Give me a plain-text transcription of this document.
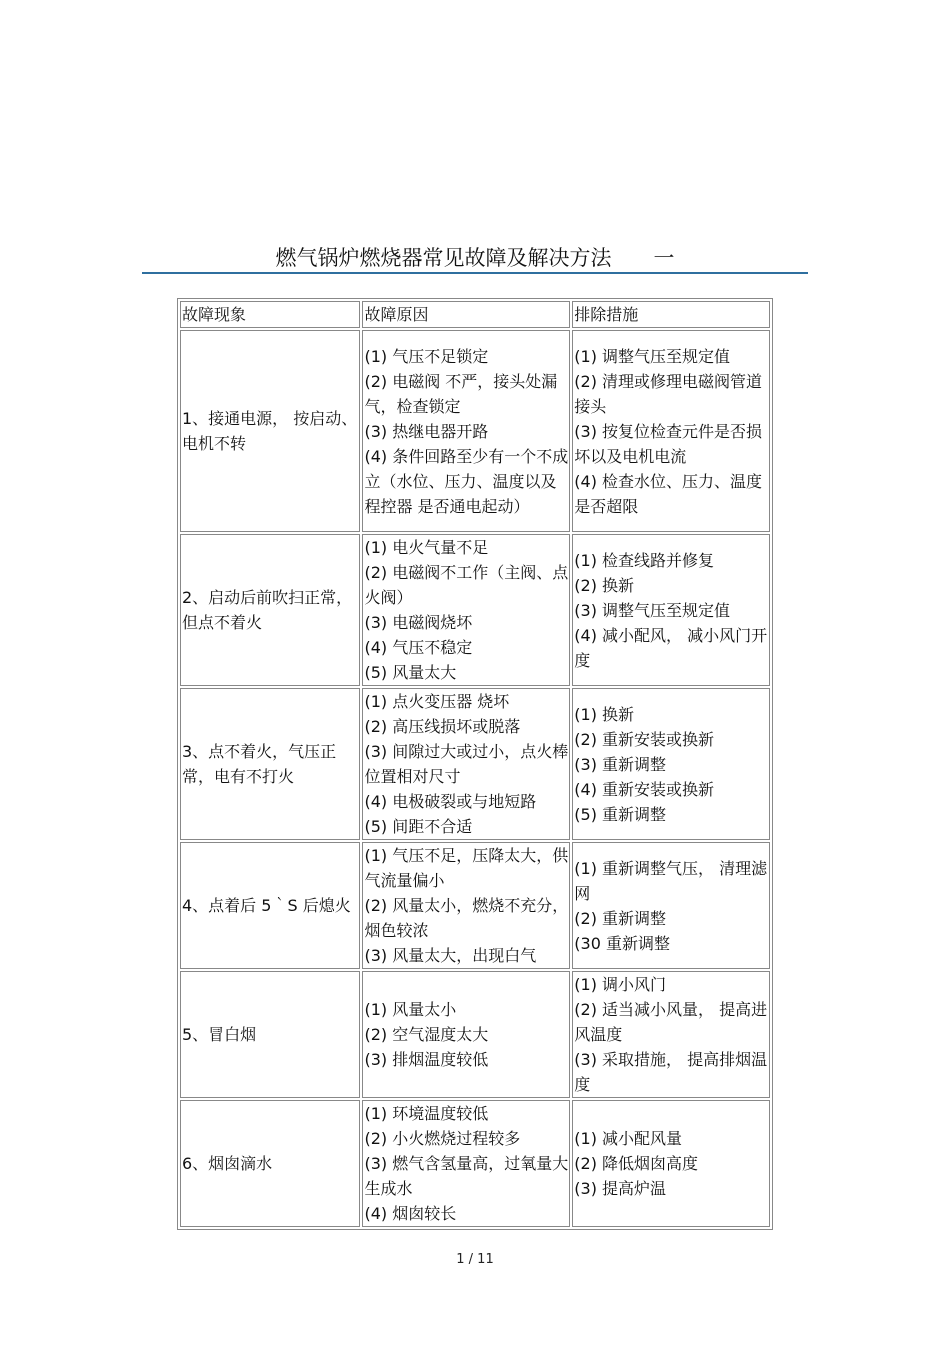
燃气锅炉燃烧器常见故障及解决方法　　一
故障现象	故障原因	排除措施
1、接通电源， 按启动、电机不转	(1) 气压不足锁定
(2) 电磁阀 不严，接头处漏气，检查锁定
(3) 热继电器开路
(4) 条件回路至少有一个不成立（水位、压力、温度以及 程控器 是否通电起动）	(1) 调整气压至规定值
(2) 清理或修理电磁阀管道接头
(3) 按复位检查元件是否损坏以及电机电流
(4) 检查水位、压力、温度是否超限

2、启动后前吹扫正常，但点不着火	(1) 电火气量不足
(2) 电磁阀不工作（主阀、点火阀）
(3) 电磁阀烧坏
(4) 气压不稳定
(5) 风量太大	(1) 检查线路并修复
(2) 换新
(3) 调整气压至规定值
(4) 减小配风， 减小风门开度

3、点不着火，气压正常，电有不打火	(1) 点火变压器 烧坏
(2) 高压线损坏或脱落
(3) 间隙过大或过小，点火棒位置相对尺寸
(4) 电极破裂或与地短路
(5) 间距不合适	(1) 换新
(2) 重新安装或换新
(3) 重新调整
(4) 重新安装或换新
(5) 重新调整

4、点着后 5｀S 后熄火	(1) 气压不足，压降太大，供气流量偏小
(2) 风量太小，燃烧不充分，烟色较浓
(3) 风量太大，出现白气	(1) 重新调整气压， 清理滤网
(2) 重新调整
(30 重新调整

5、冒白烟	(1) 风量太小
(2) 空气湿度太大
(3) 排烟温度较低	(1) 调小风门
(2) 适当减小风量， 提高进风温度
(3) 采取措施， 提高排烟温度

6、烟囱滴水	(1) 环境温度较低
(2) 小火燃烧过程较多
(3) 燃气含氢量高，过氧量大生成水
(4) 烟囱较长	(1) 减小配风量
(2) 降低烟囱高度
(3) 提高炉温
1 / 11
